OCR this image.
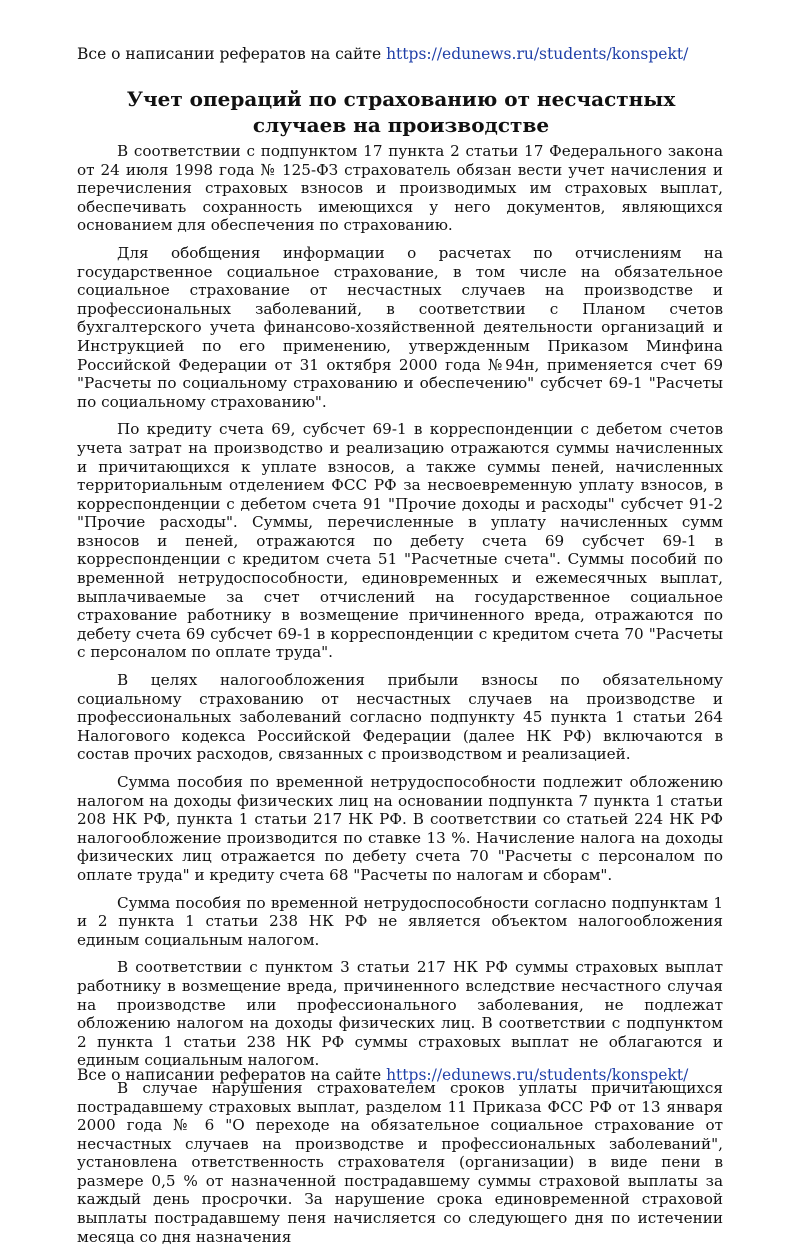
Все о написании рефератов на сайте https://edunews.ru/students/konspekt/
Учет операций по страхованию от несчастных случаев на производстве

В соответствии с подпунктом 17 пункта 2 статьи 17 Федерального закона от 24 июля 1998 года № 125-ФЗ страхователь обязан вести учет начисления и перечисления страховых взносов и производимых им страховых выплат, обеспечивать сохранность имеющихся у него документов, являющихся основанием для обеспечения по страхованию.

Для обобщения информации о расчетах по отчислениям на государственное социальное страхование, в том числе на обязательное социальное страхование от несчастных случаев на производстве и профессиональных заболеваний, в соответствии с Планом счетов бухгалтерского учета финансово-хозяйственной деятельности организаций и Инструкцией по его применению, утвержденным Приказом Минфина Российской Федерации от 31 октября 2000 года №94н, применяется счет 69 "Расчеты по социальному страхованию и обеспечению" субсчет 69-1 "Расчеты по социальному страхованию".

По кредиту счета 69, субсчет 69-1 в корреспонденции с дебетом счетов учета затрат на производство и реализацию отражаются суммы начисленных и причитающихся к уплате взносов, а также суммы пеней, начисленных территориальным отделением ФСС РФ за несвоевременную уплату взносов, в корреспонденции с дебетом счета 91 "Прочие доходы и расходы" субсчет 91-2 "Прочие расходы". Суммы, перечисленные в уплату начисленных сумм взносов и пеней, отражаются по дебету счета 69 субсчет 69-1 в корреспонденции с кредитом счета 51 "Расчетные счета". Суммы пособий по временной нетрудоспособности, единовременных и ежемесячных выплат, выплачиваемые за счет отчислений на государственное социальное страхование работнику в возмещение причиненного вреда, отражаются по дебету счета 69 субсчет 69-1 в корреспонденции с кредитом счета 70 "Расчеты с персоналом по оплате труда".

В целях налогообложения прибыли взносы по обязательному социальному страхованию от несчастных случаев на производстве и профессиональных заболеваний согласно подпункту 45 пункта 1 статьи 264 Налогового кодекса Российской Федерации (далее НК РФ) включаются в состав прочих расходов, связанных с производством и реализацией.

Сумма пособия по временной нетрудоспособности подлежит обложению налогом на доходы физических лиц на основании подпункта 7 пункта 1 статьи 208 НК РФ, пункта 1 статьи 217 НК РФ. В соответствии со статьей 224 НК РФ налогообложение производится по ставке 13 %. Начисление налога на доходы физических лиц отражается по дебету счета 70 "Расчеты с персоналом по оплате труда" и кредиту счета 68 "Расчеты по налогам и сборам".

Сумма пособия по временной нетрудоспособности согласно подпунктам 1 и 2 пункта 1 статьи 238 НК РФ не является объектом налогообложения единым социальным налогом.

В соответствии с пунктом 3 статьи 217 НК РФ суммы страховых выплат работнику в возмещение вреда, причиненного вследствие несчастного случая на производстве или профессионального заболевания, не подлежат обложению налогом на доходы физических лиц. В соответствии с подпунктом 2 пункта 1 статьи 238 НК РФ суммы страховых выплат не облагаются и единым социальным налогом.

В случае нарушения страхователем сроков уплаты причитающихся пострадавшему страховых выплат, разделом 11 Приказа ФСС РФ от 13 января 2000 года № 6 "О переходе на обязательное социальное страхование от несчастных случаев на производстве и профессиональных заболеваний", установлена ответственность страхователя (организации) в виде пени в размере 0,5 % от назначенной пострадавшему суммы страховой выплаты за каждый день просрочки. За нарушение срока единовременной страховой выплаты пострадавшему пеня начисляется со следующего дня по истечении месяца со дня назначения

Все о написании рефератов на сайте https://edunews.ru/students/konspekt/
